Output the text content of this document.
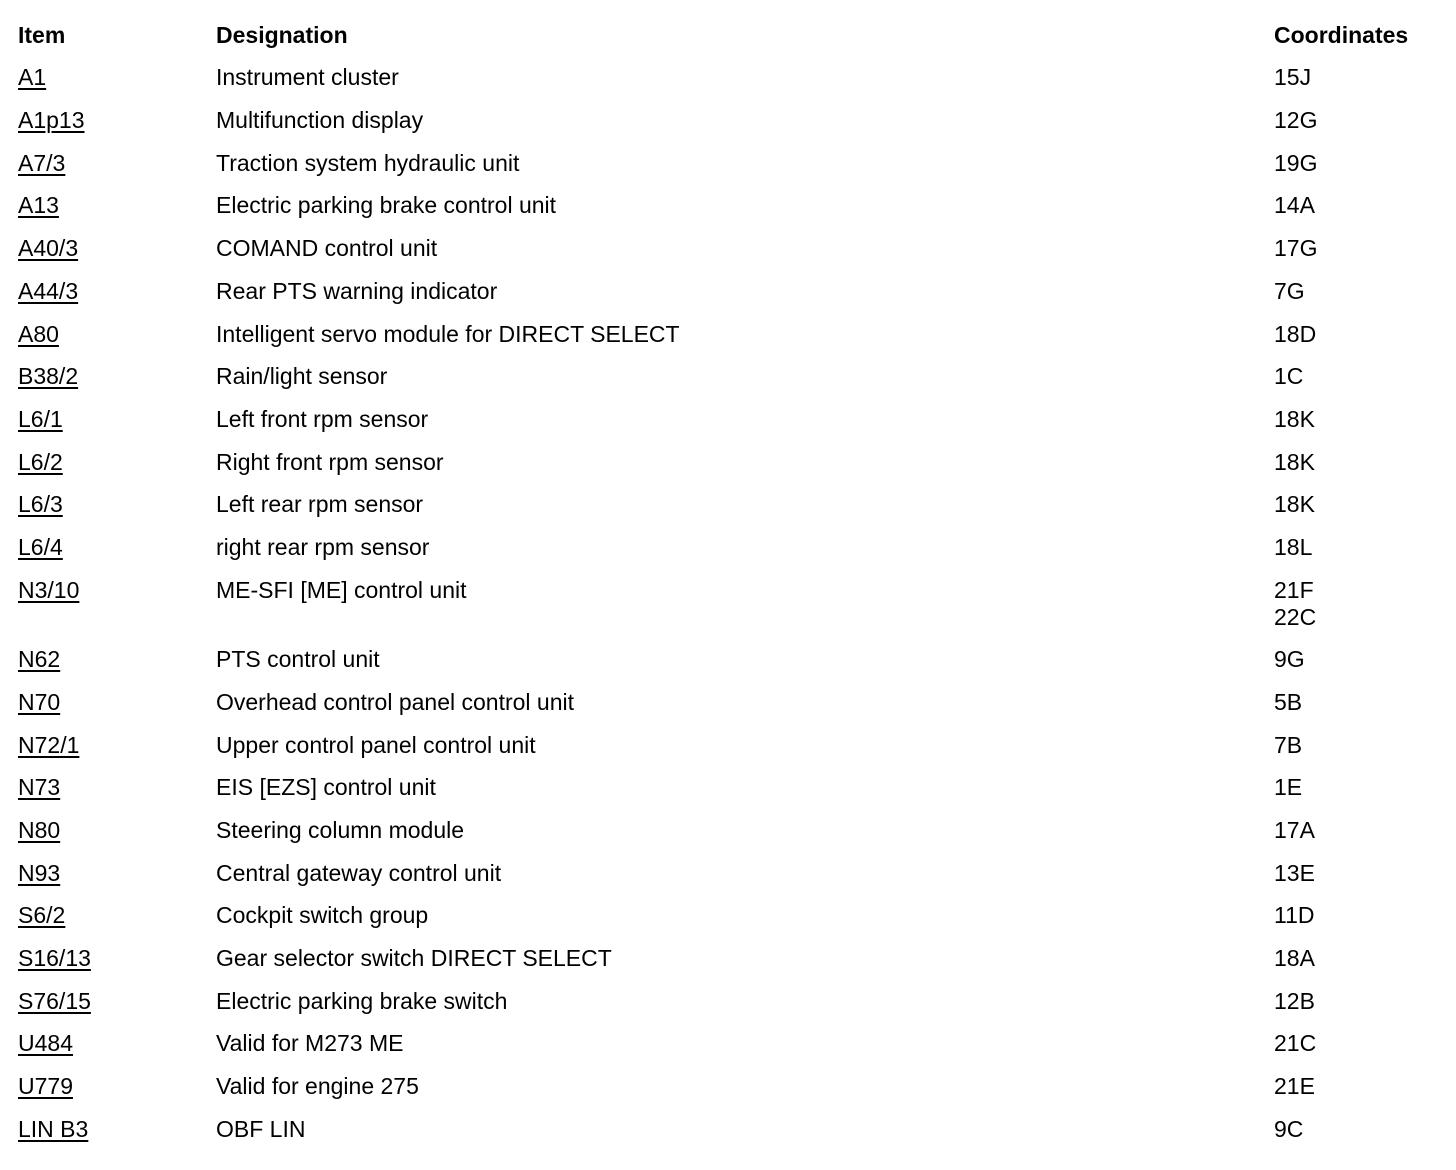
Item	Designation	Coordinates
A1	Instrument cluster	15J
A1p13	Multifunction display	12G
A7/3	Traction system hydraulic unit	19G
A13	Electric parking brake control unit	14A
A40/3	COMAND control unit	17G
A44/3	Rear PTS warning indicator	7G
A80	Intelligent servo module for DIRECT SELECT	18D
B38/2	Rain/light sensor	1C
L6/1	Left front rpm sensor	18K
L6/2	Right front rpm sensor	18K
L6/3	Left rear rpm sensor	18K
L6/4	right rear rpm sensor	18L
N3/10	ME-SFI [ME] control unit	21F
22C
N62	PTS control unit	9G
N70	Overhead control panel control unit	5B
N72/1	Upper control panel control unit	7B
N73	EIS [EZS] control unit	1E
N80	Steering column module	17A
N93	Central gateway control unit	13E
S6/2	Cockpit switch group	11D
S16/13	Gear selector switch DIRECT SELECT	18A
S76/15	Electric parking brake switch	12B
U484	Valid for M273 ME	21C
U779	Valid for engine 275	21E
LIN B3	OBF LIN	9C
